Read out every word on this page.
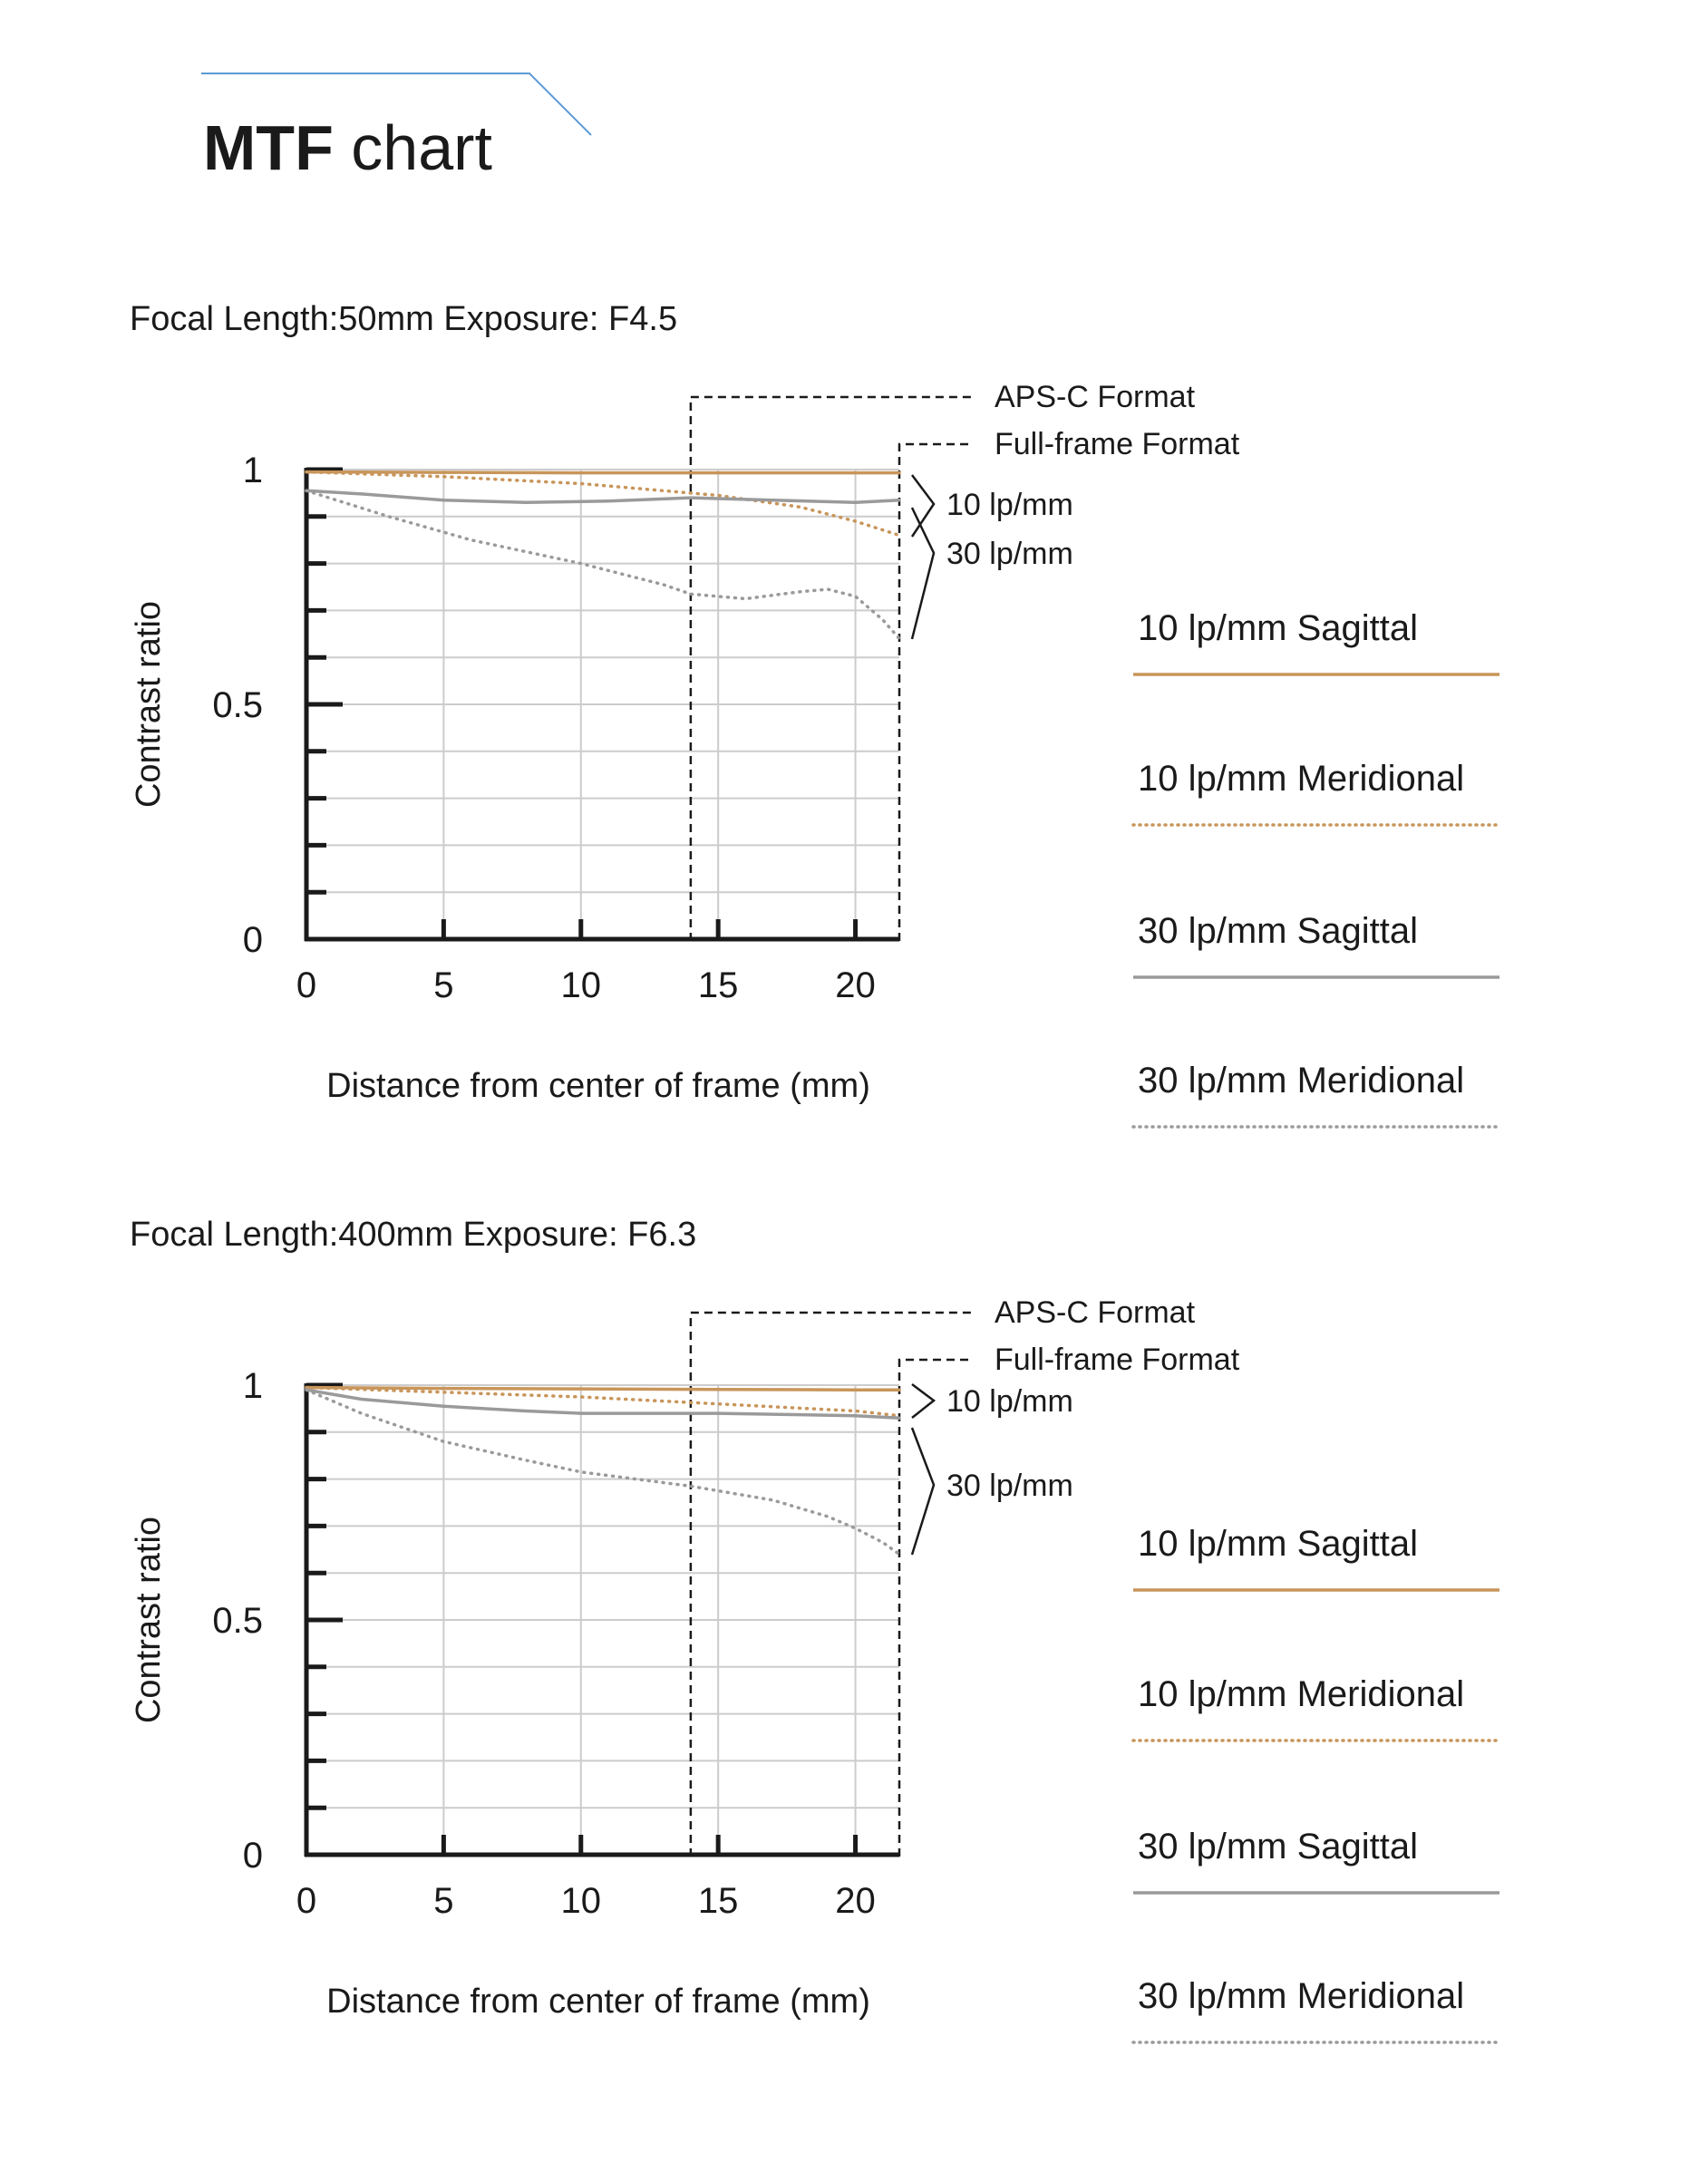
MTF chart
Focal Length:50mm Exposure: F4.5
0	5	10	15	20
0
0.5
1
Distance from center of frame (mm)
Contrast ratio
APS-C Format
Full-frame Format
10 lp/mm
30 lp/mm
10 lp/mm Sagittal
10 lp/mm Meridional
30 lp/mm Sagittal
30 lp/mm Meridional
Focal Length:400mm Exposure: F6.3
0	5	10	15	20
0
0.5
1
Distance from center of frame (mm)
Contrast ratio
APS-C Format
Full-frame Format
10 lp/mm
30 lp/mm
10 lp/mm Sagittal
10 lp/mm Meridional
30 lp/mm Sagittal
30 lp/mm Meridional
